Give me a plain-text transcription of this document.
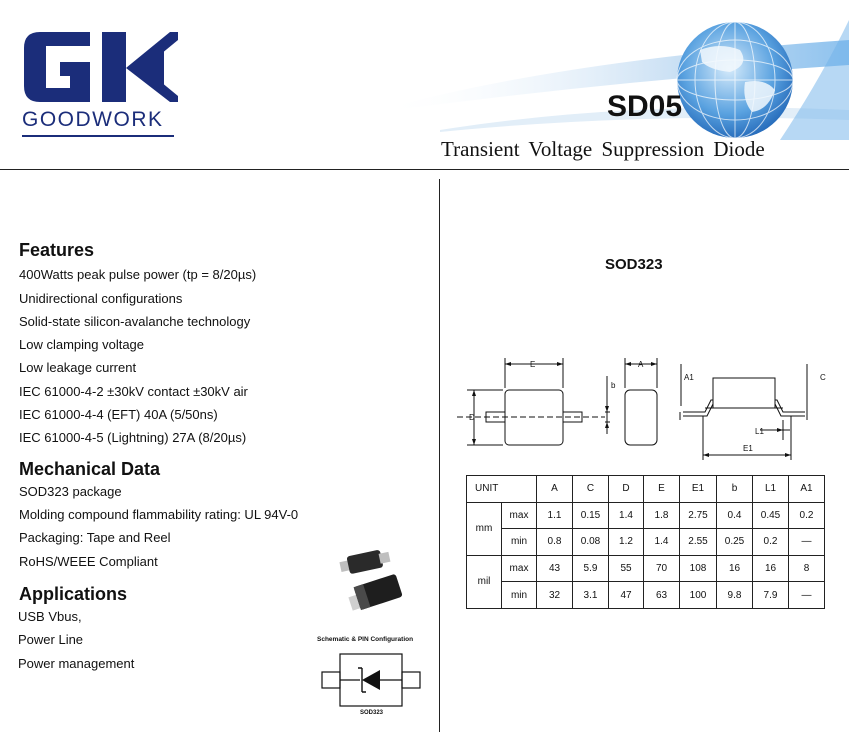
GOODWORK	SD05
Transient Voltage Suppression Diode
Features
400Watts peak pulse power (tp = 8/20µs)
Unidirectional configurations
Solid-state silicon-avalanche technology
Low clamping voltage
Low leakage current
IEC 61000-4-2 ±30kV contact ±30kV air
IEC 61000-4-4 (EFT) 40A (5/50ns)
IEC 61000-4-5 (Lightning) 27A (8/20µs)
Mechanical Data
SOD323 package
Molding compound flammability rating: UL 94V-0
Packaging: Tape and Reel
RoHS/WEEE Compliant
Applications
USB Vbus,
Power Line
Power management
Schematic & PIN Configuration
SOD323
SOD323
E	A
D
b
A1	C
L1
E1
UNIT		A	C	D	E	E1	b	L1	A1
mm	max	1.1	0.15	1.4	1.8	2.75	0.4	0.45	0.2
	min	0.8	0.08	1.2	1.4	2.55	0.25	0.2	—
mil	max	43	5.9	55	70	108	16	16	8
	min	32	3.1	47	63	100	9.8	7.9	—
